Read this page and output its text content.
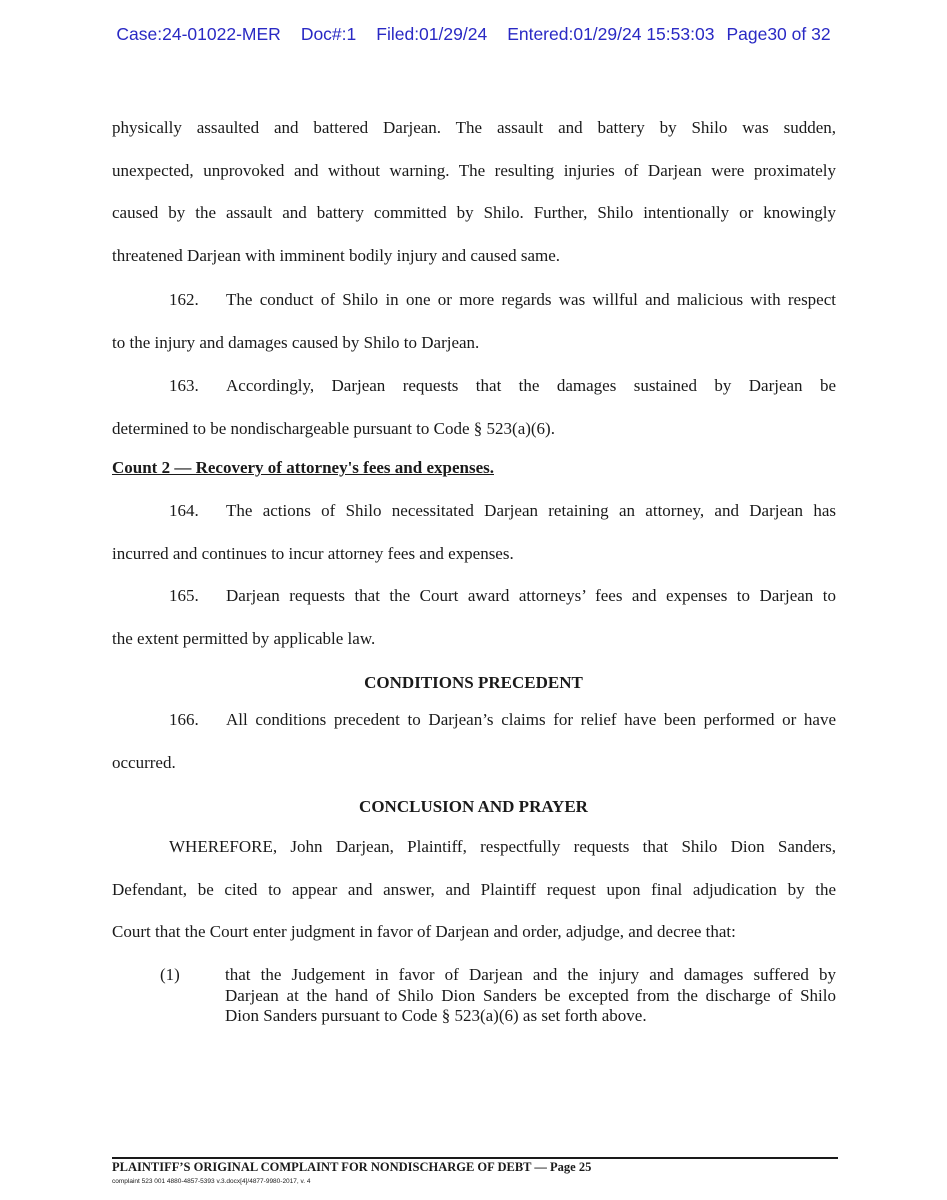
Case:24-01022-MER Doc#:1 Filed:01/29/24 Entered:01/29/24 15:53:03 Page30 of 32
physically assaulted and battered Darjean. The assault and battery by Shilo was sudden,
unexpected, unprovoked and without warning. The resulting injuries of Darjean were proximately
caused by the assault and battery committed by Shilo. Further, Shilo intentionally or knowingly
threatened Darjean with imminent bodily injury and caused same.
162. The conduct of Shilo in one or more regards was willful and malicious with respect
to the injury and damages caused by Shilo to Darjean.
163. Accordingly, Darjean requests that the damages sustained by Darjean be
determined to be nondischargeable pursuant to Code § 523(a)(6).
Count 2 — Recovery of attorney's fees and expenses.
164. The actions of Shilo necessitated Darjean retaining an attorney, and Darjean has
incurred and continues to incur attorney fees and expenses.
165. Darjean requests that the Court award attorneys’ fees and expenses to Darjean to
the extent permitted by applicable law.
CONDITIONS PRECEDENT
166. All conditions precedent to Darjean’s claims for relief have been performed or have
occurred.
CONCLUSION AND PRAYER
WHEREFORE, John Darjean, Plaintiff, respectfully requests that Shilo Dion Sanders,
Defendant, be cited to appear and answer, and Plaintiff request upon final adjudication by the
Court that the Court enter judgment in favor of Darjean and order, adjudge, and decree that:
(1)	that the Judgement in favor of Darjean and the injury and damages suffered by
Darjean at the hand of Shilo Dion Sanders be excepted from the discharge of Shilo
Dion Sanders pursuant to Code § 523(a)(6) as set forth above.
PLAINTIFF’S ORIGINAL COMPLAINT FOR NONDISCHARGE OF DEBT — Page 25
complaint 523 001 4880-4857-5393 v.3.docx[4]/4877-9980-2017, v. 4
